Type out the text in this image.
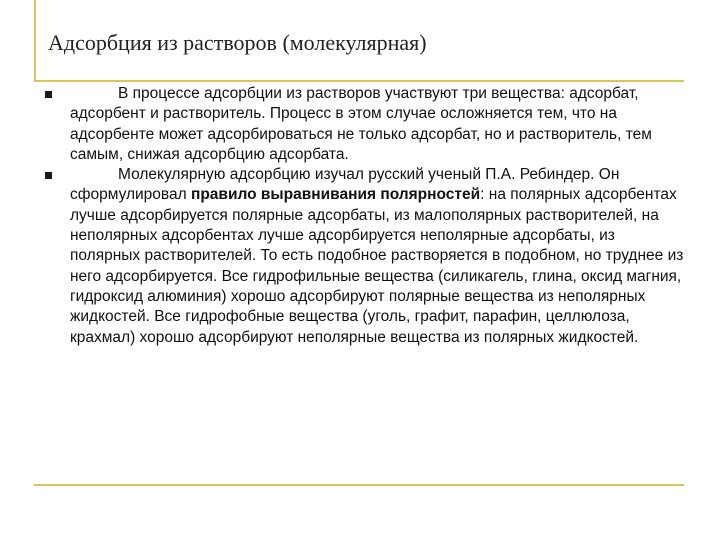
Адсорбция из растворов (молекулярная)

В процессе адсорбции из растворов участвуют три вещества: адсорбат, адсорбент и растворитель. Процесс в этом случае осложняется тем, что на адсорбенте может адсорбироваться не только адсорбат, но и растворитель, тем самым, снижая адсорбцию адсорбата.

Молекулярную адсорбцию изучал русский ученый П.А. Ребиндер. Он сформулировал правило выравнивания полярностей: на полярных адсорбентах лучше адсорбируется полярные адсорбаты, из малополярных растворителей, на неполярных адсорбентах лучше адсорбируется неполярные адсорбаты, из полярных растворителей. То есть подобное растворяется в подобном, но труднее из него адсорбируется. Все гидрофильные вещества (силикагель, глина, оксид магния, гидроксид алюминия) хорошо адсорбируют полярные вещества из неполярных жидкостей. Все гидрофобные вещества (уголь, графит, парафин, целлюлоза, крахмал) хорошо адсорбируют неполярные вещества из полярных жидкостей.
